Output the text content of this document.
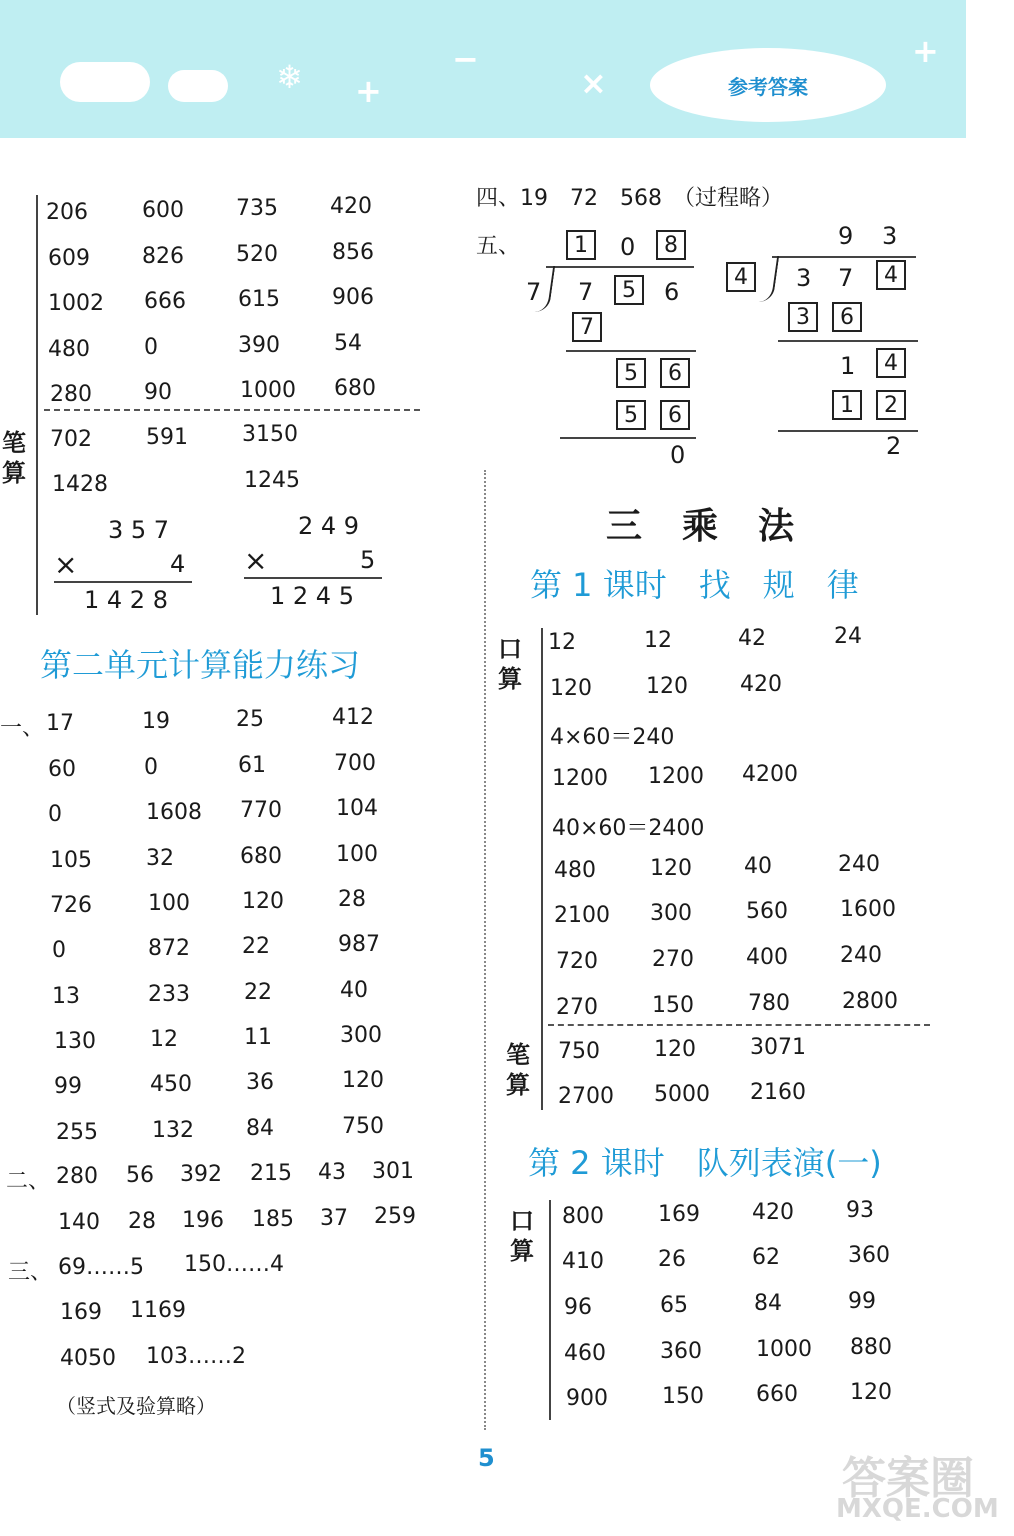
❄ +
−
×
+
参考答案
笔算
206 600 735 420
609 826 520 856
1002 666 615 906
480 0	390 54
280 90	1000 680
702 591 3150
1428	1245
3 5 7
×	4
1 4 2 8
2 4 9
×	5
1 2 4 5
第二单元计算能力练习
一、 17	19	25	412
60	0	61	700
0	1608 770 104
105 32	680 100
726	100 120 28
0	872 22	987
13	233 22	40
130 12	11	300
99	450 36	120
255 132 84	750
二、 280 56 392 215 43 301
140 28 196 185 37 259
三、 69……5 150……4
169 1169
4050 103……2
（竖式及验算略）
四、19　72　568　（过程略）
五、	1	0	8
7 7	5	6
7
5	6
5	6
0
9 3
4	3 7	4
3	6
1	4
1	2
2
三乘法
第 1 课时　找　规　律
口算
笔算
12	12	42	24
120 120 420
4×60＝240
1200 1200 4200
40×60＝2400
480 120 40	240
2100 300 560 1600
720 270 400 240
270 150 780 2800
750 120 3071
2700 5000 2160
第 2 课时　队列表演(一)
口算
800 169 420 93
410 26	62	360
96	65	84	99
460 360 1000 880
900 150 660 120
5	答案圈
MXQE.COM
